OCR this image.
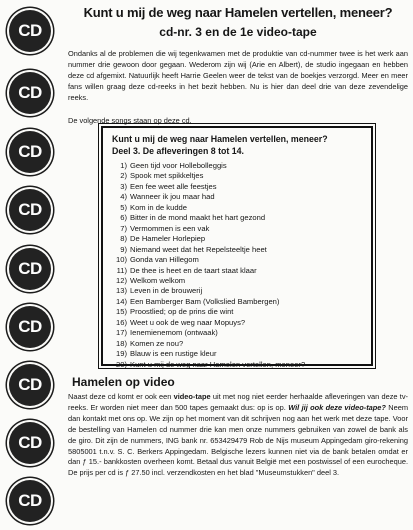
CD
CD
CD
CD
CD
CD
CD
CD
CD
Kunt u mij de weg naar Hamelen vertellen, meneer?
cd-nr. 3 en de 1e video-tape

Ondanks al de problemen die wij tegenkwamen met de produktie van cd-nummer twee is het werk aan nummer drie gewoon door gegaan. Wederom zijn wij (Arie en Albert), de studio ingegaan en hebben deze cd afgemixt. Natuurlijk heeft Harrie Geelen weer de tekst van de boekjes verzorgd. Meer en meer fans willen graag deze cd-reeks in het bezit hebben. Nu is hier dan deel drie van deze zevendelige reeks.

De volgende songs staan op deze cd.

Kunt u mij de weg naar Hamelen vertellen, meneer?
Deel 3. De afleveringen 8 tot 14.

1) Geen tijd voor Hollebolleggis
2) Spook met spikkeltjes
3) Een fee weet alle feestjes
4) Wanneer ik jou maar had
5) Kom in de kudde
6) Bitter in de mond maakt het hart gezond
7) Vermommen is een vak
8) De Hameler Horlepiep
9) Niemand weet dat het Repelsteeltje heet
10) Gonda van Hillegom
11) De thee is heet en de taart staat klaar
12) Welkom welkom
13) Leven in de brouwerij
14) Een Bamberger Bam (Volkslied Bambergen)
15) Proostlied; op de prins die wint
16) Weet u ook de weg naar Mopuys?
17) Ienemienemom (ontwaak)
18) Komen ze nou?
19) Blauw is een rustige kleur
20) Kunt u mij de weg naar Hamelen vertellen, meneer?
Hamelen op video

Naast deze cd komt er ook een video-tape uit met nog niet eerder herhaalde afleveringen van deze tv-reeks. Er worden niet meer dan 500 tapes gemaakt dus: op is op. Wil jij ook deze video-tape? Neem dan kontakt met ons op. We zijn op het moment van dit schrijven nog aan het werk met deze tape. Voor de bestelling van Hamelen cd nummer drie kan men onze nummers gebruiken van zowel de bank als de giro. Dit zijn de nummers, ING bank nr. 653429479 Rob de Nijs museum Appingedam giro-rekening 5805001 t.n.v. S. C. Berkers Appingedam. Belgische lezers kunnen niet via de bank betalen omdat er dan ƒ 15.- bankkosten overheen komt. Betaal dus vanuit België met een postwissel of een eurocheque. De prijs per cd is ƒ 27.50 incl. verzendkosten en het blad "Museumstukken" deel 3.
